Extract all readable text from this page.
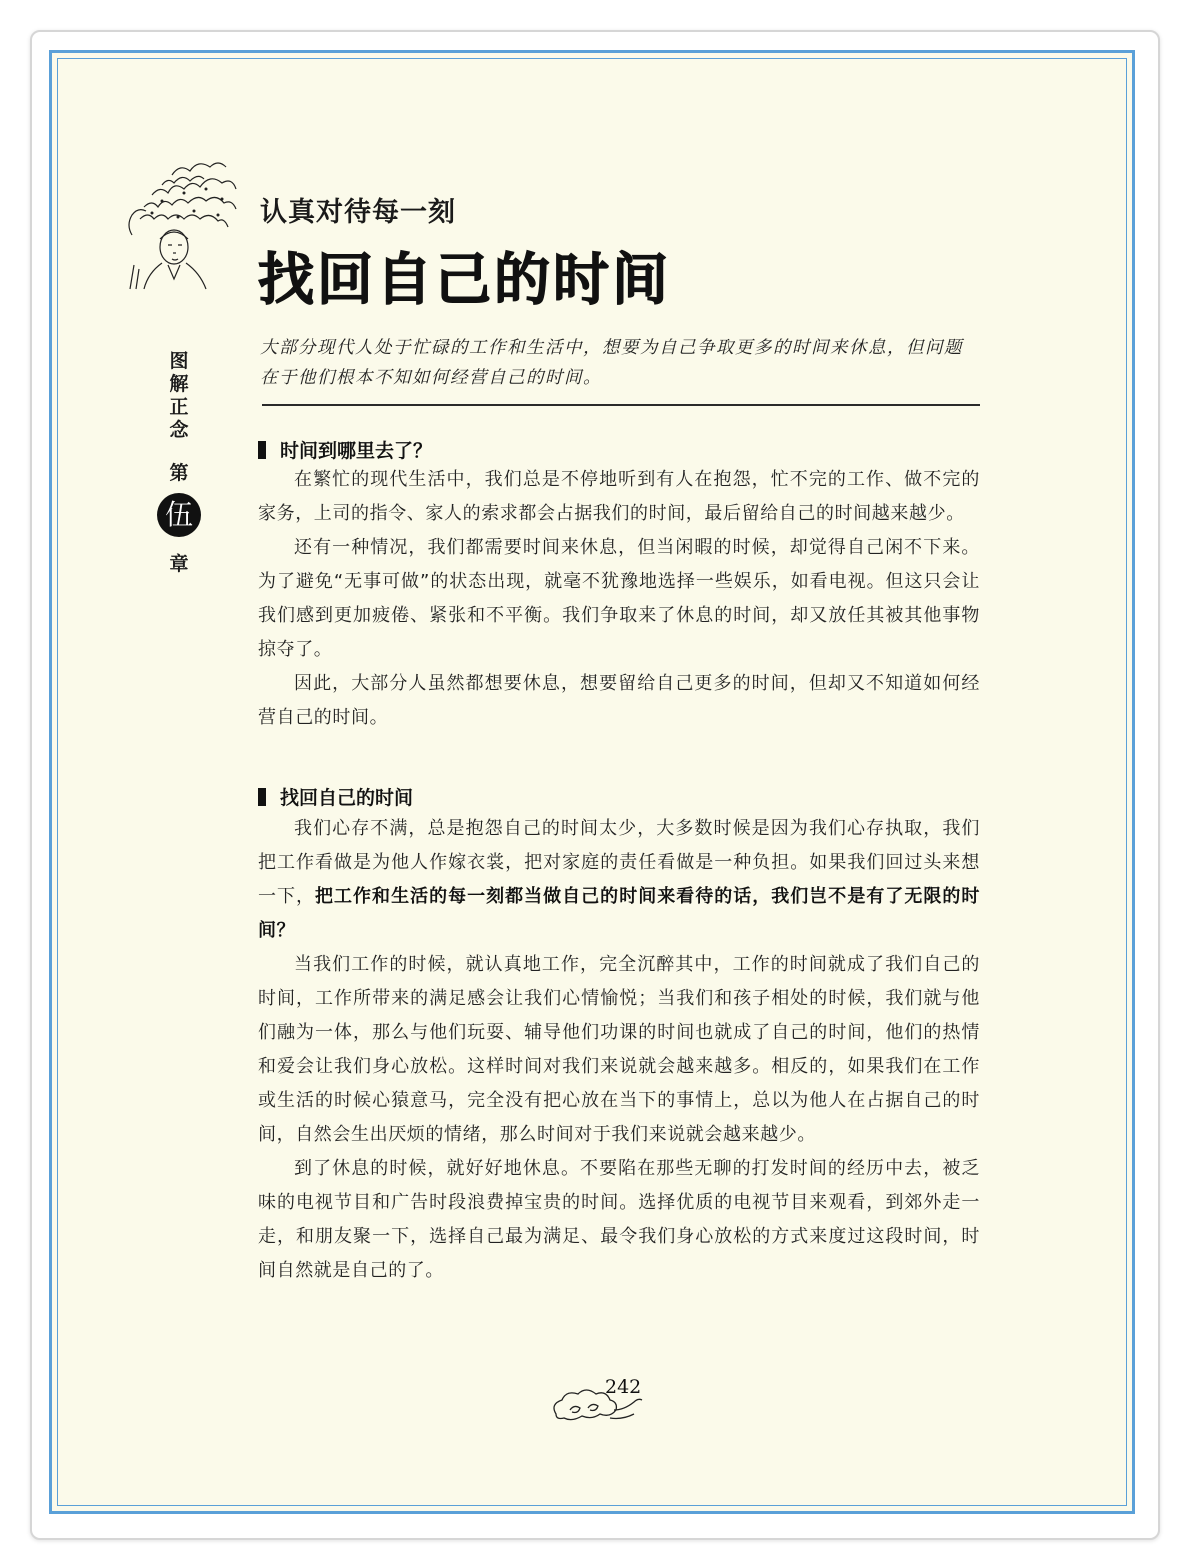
认真对待每一刻
找回自己的时间
图
解
正
念
第
伍
章
大部分现代人处于忙碌的工作和生活中，想要为自己争取更多的时间来休息，但问题在于他们根本不知如何经营自己的时间。
时间到哪里去了？

在繁忙的现代生活中，我们总是不停地听到有人在抱怨，忙不完的工作、做不完的家务，上司的指令、家人的索求都会占据我们的时间，最后留给自己的时间越来越少。

还有一种情况，我们都需要时间来休息，但当闲暇的时候，却觉得自己闲不下来。为了避免“无事可做”的状态出现，就毫不犹豫地选择一些娱乐，如看电视。但这只会让我们感到更加疲倦、紧张和不平衡。我们争取来了休息的时间，却又放任其被其他事物掠夺了。

因此，大部分人虽然都想要休息，想要留给自己更多的时间，但却又不知道如何经营自己的时间。

找回自己的时间

我们心存不满，总是抱怨自己的时间太少，大多数时候是因为我们心存执取，我们把工作看做是为他人作嫁衣裳，把对家庭的责任看做是一种负担。如果我们回过头来想一下，把工作和生活的每一刻都当做自己的时间来看待的话，我们岂不是有了无限的时间？

当我们工作的时候，就认真地工作，完全沉醉其中，工作的时间就成了我们自己的时间，工作所带来的满足感会让我们心情愉悦；当我们和孩子相处的时候，我们就与他们融为一体，那么与他们玩耍、辅导他们功课的时间也就成了自己的时间，他们的热情和爱会让我们身心放松。这样时间对我们来说就会越来越多。相反的，如果我们在工作或生活的时候心猿意马，完全没有把心放在当下的事情上，总以为他人在占据自己的时间，自然会生出厌烦的情绪，那么时间对于我们来说就会越来越少。

到了休息的时候，就好好地休息。不要陷在那些无聊的打发时间的经历中去，被乏味的电视节目和广告时段浪费掉宝贵的时间。选择优质的电视节目来观看，到郊外走一走，和朋友聚一下，选择自己最为满足、最令我们身心放松的方式来度过这段时间，时间自然就是自己的了。

242
